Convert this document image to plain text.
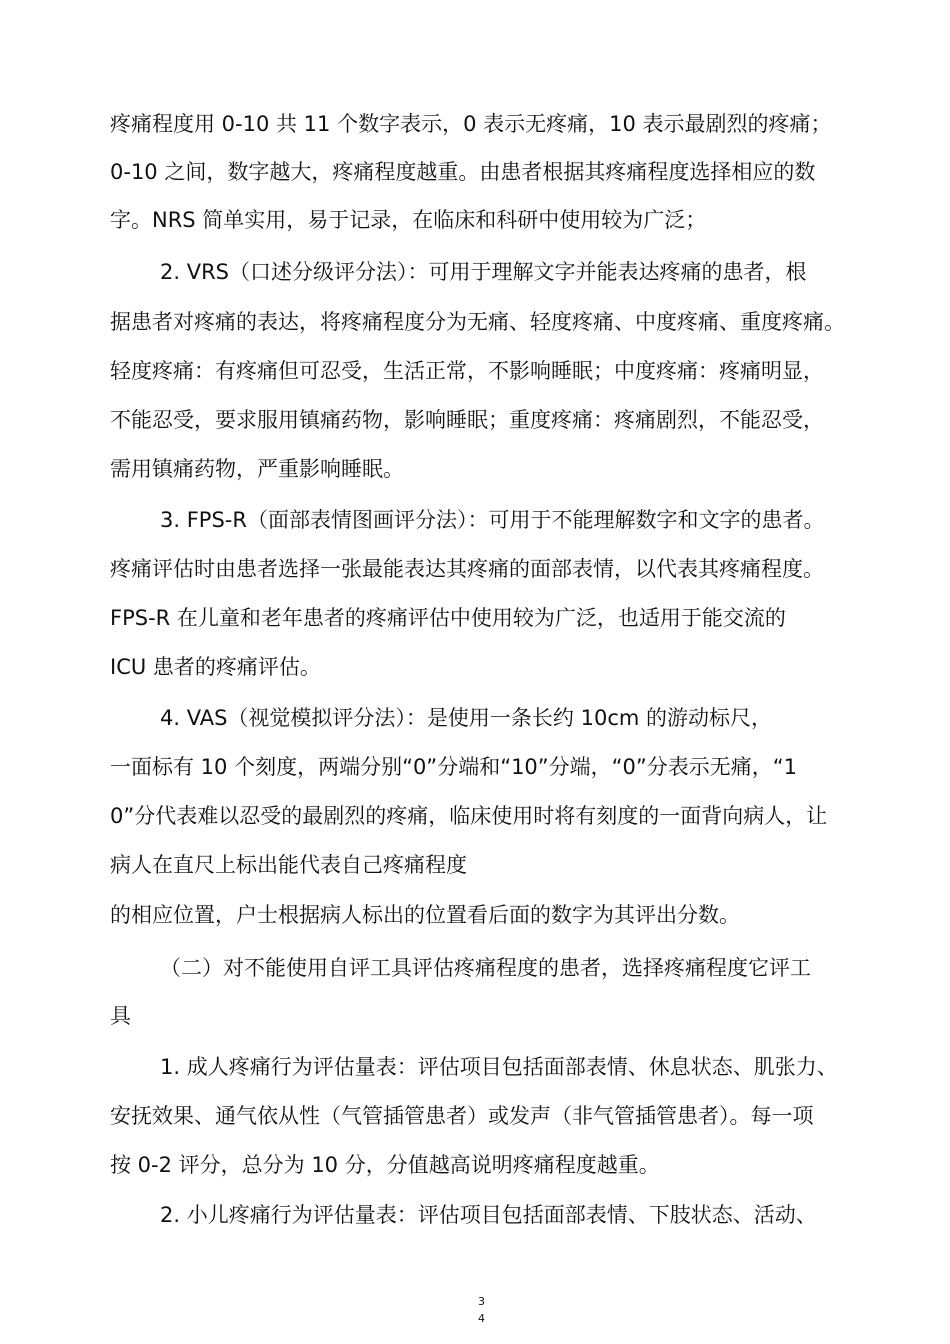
疼痛程度用 0-10 共 11 个数字表示，0 表示无疼痛，10 表示最剧烈的疼痛；
0-10 之间，数字越大，疼痛程度越重。由患者根据其疼痛程度选择相应的数
字。NRS 简单实用，易于记录，在临床和科研中使用较为广泛；
2. VRS（口述分级评分法）：可用于理解文字并能表达疼痛的患者，根
据患者对疼痛的表达，将疼痛程度分为无痛、轻度疼痛、中度疼痛、重度疼痛。
轻度疼痛：有疼痛但可忍受，生活正常，不影响睡眠；中度疼痛：疼痛明显，
不能忍受，要求服用镇痛药物，影响睡眠；重度疼痛：疼痛剧烈，不能忍受，
需用镇痛药物，严重影响睡眠。
3. FPS-R（面部表情图画评分法）：可用于不能理解数字和文字的患者。
疼痛评估时由患者选择一张最能表达其疼痛的面部表情，以代表其疼痛程度。
FPS-R 在儿童和老年患者的疼痛评估中使用较为广泛，也适用于能交流的
ICU 患者的疼痛评估。
4. VAS（视觉模拟评分法）：是使用一条长约 10cm 的游动标尺，
一面标有 10 个刻度，两端分别“0”分端和“10”分端，“0”分表示无痛，“1
0”分代表难以忍受的最剧烈的疼痛，临床使用时将有刻度的一面背向病人，让
病人在直尺上标出能代表自己疼痛程度
的相应位置，户士根据病人标出的位置看后面的数字为其评出分数。
（二）对不能使用自评工具评估疼痛程度的患者，选择疼痛程度它评工
具
1. 成人疼痛行为评估量表：评估项目包括面部表情、休息状态、肌张力、
安抚效果、通气依从性（气管插管患者）或发声（非气管插管患者）。每一项
按 0-2 评分，总分为 10 分，分值越高说明疼痛程度越重。
2. 小儿疼痛行为评估量表：评估项目包括面部表情、下肢状态、活动、
3
4
